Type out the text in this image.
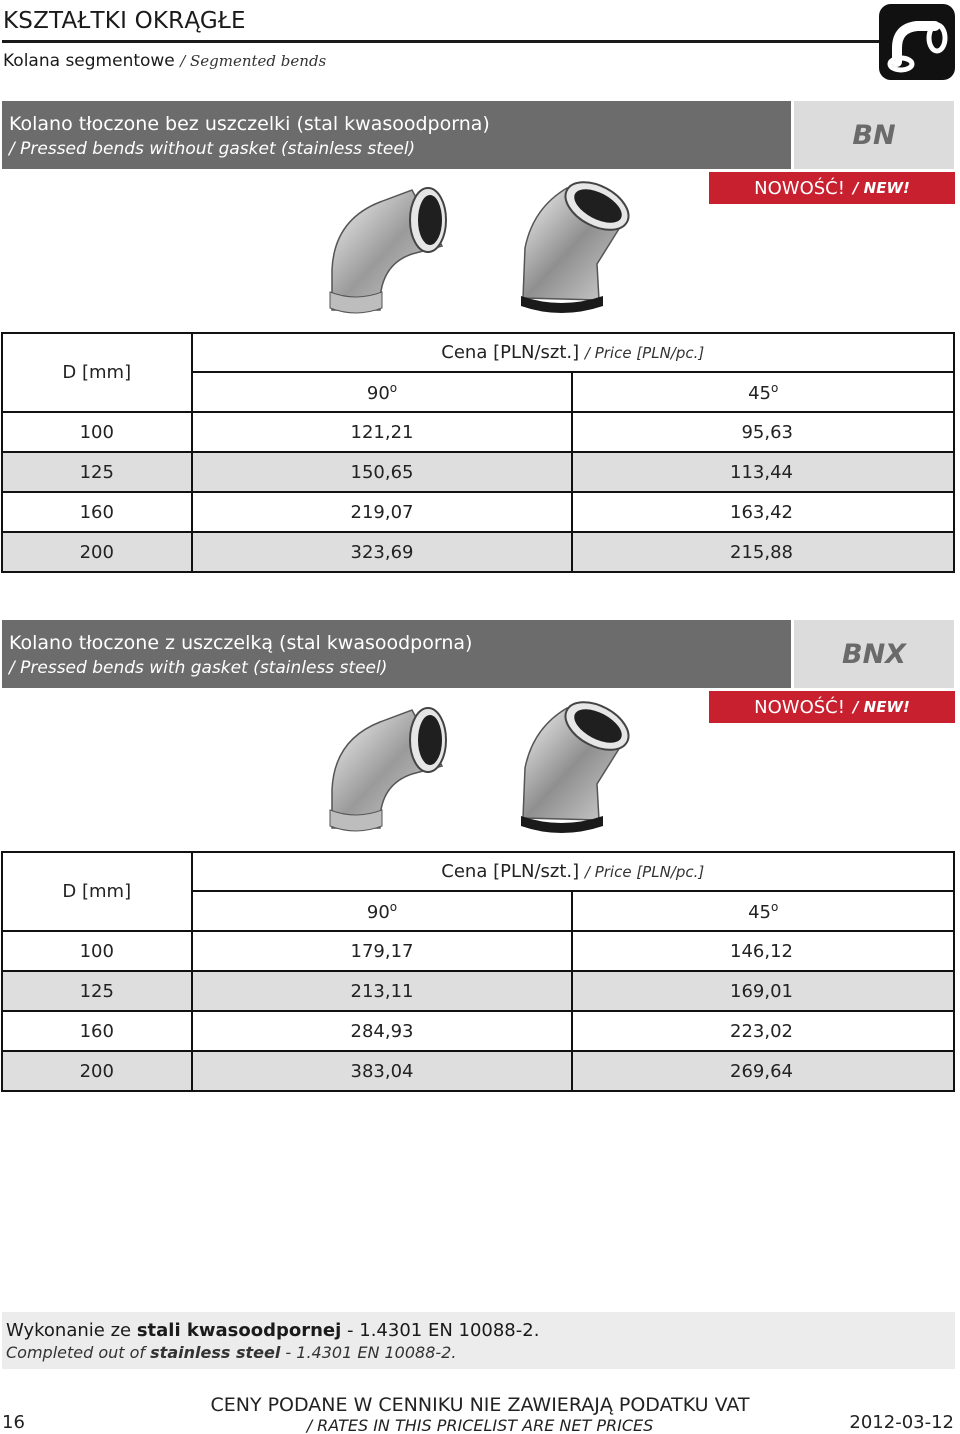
KSZTAŁTKI OKRĄGŁE
Kolana segmentowe / Segmented bends
Kolano tłoczone bez uszczelki (stal kwasoodporna)
/ Pressed bends without gasket (stainless steel)	BN
NOWOŚĆ! / NEW!
D [mm]	Cena [PLN/szt.] / Price [PLN/pc.]	
	90$^o$	45$^o$
100	121,21	95,63
125	150,65	113,44
160	219,07	163,42
200	323,69	215,88
Kolano tłoczone z uszczelką (stal kwasoodporna)
/ Pressed bends with gasket (stainless steel)	BNX
NOWOŚĆ! / NEW!
D [mm]	Cena [PLN/szt.] / Price [PLN/pc.]	
	90$^o$	45$^o$
100	179,17	146,12
125	213,11	169,01
160	284,93	223,02
200	383,04	269,64
Wykonanie ze stali kwasoodpornej - 1.4301 EN 10088-2.
Completed out of stainless steel - 1.4301 EN 10088-2.
16
CENY PODANE W CENNIKU NIE ZAWIERAJĄ PODATKU VAT
/ RATES IN THIS PRICELIST ARE NET PRICES	2012-03-12
